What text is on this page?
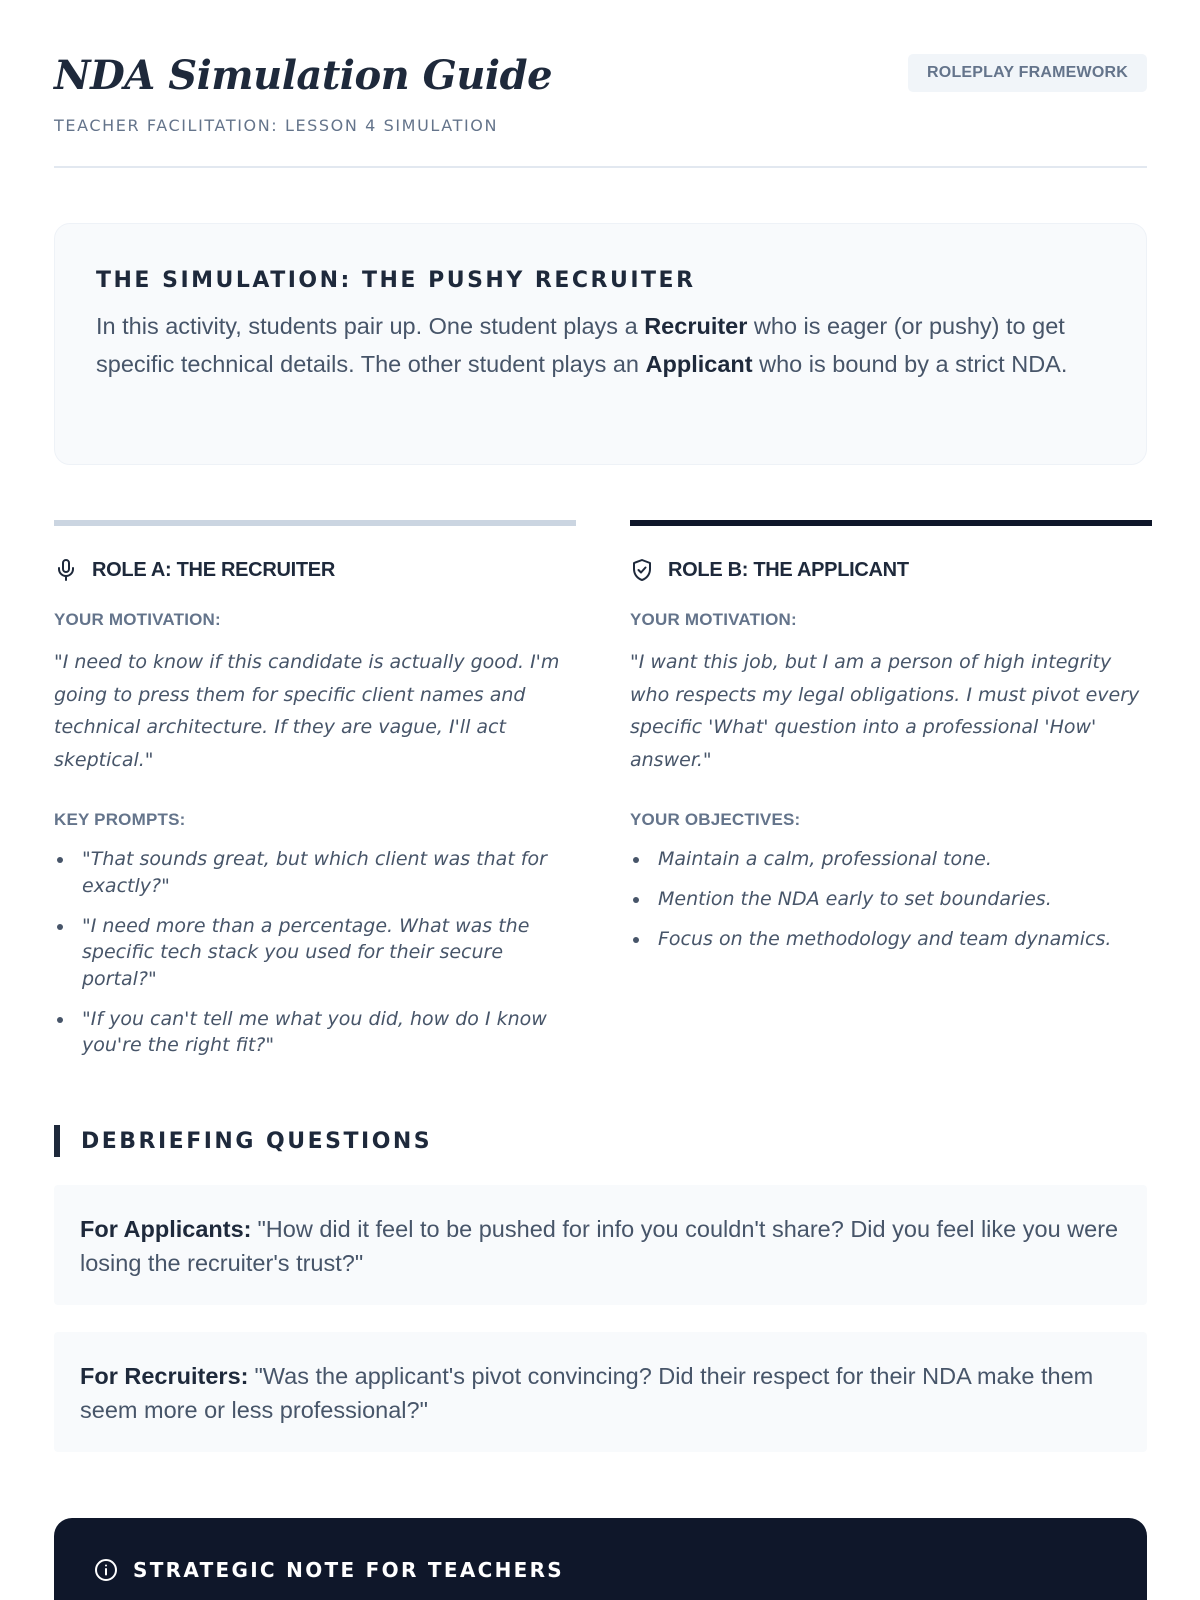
NDA Simulation Guide
TEACHER FACILITATION: LESSON 4 SIMULATION
ROLEPLAY FRAMEWORK
THE SIMULATION: THE PUSHY RECRUITER

In this activity, students pair up. One student plays a Recruiter who is eager (or pushy) to get specific technical details. The other student plays an Applicant who is bound by a strict NDA.

ROLE A: THE RECRUITER
YOUR MOTIVATION:

"I need to know if this candidate is actually good. I'm going to press them for specific client names and technical architecture. If they are vague, I'll act skeptical."

KEY PROMPTS:
"That sounds great, but which client was that for exactly?"
"I need more than a percentage. What was the specific tech stack you used for their secure portal?"
"If you can't tell me what you did, how do I know you're the right fit?"
ROLE B: THE APPLICANT
YOUR MOTIVATION:

"I want this job, but I am a person of high integrity who respects my legal obligations. I must pivot every specific 'What' question into a professional 'How' answer."

YOUR OBJECTIVES:
Maintain a calm, professional tone.
Mention the NDA early to set boundaries.
Focus on the methodology and team dynamics.
DEBRIEFING QUESTIONS
For Applicants: "How did it feel to be pushed for info you couldn't share? Did you feel like you were losing the recruiter's trust?"
For Recruiters: "Was the applicant's pivot convincing? Did their respect for their NDA make them seem more or less professional?"
STRATEGIC NOTE FOR TEACHERS
